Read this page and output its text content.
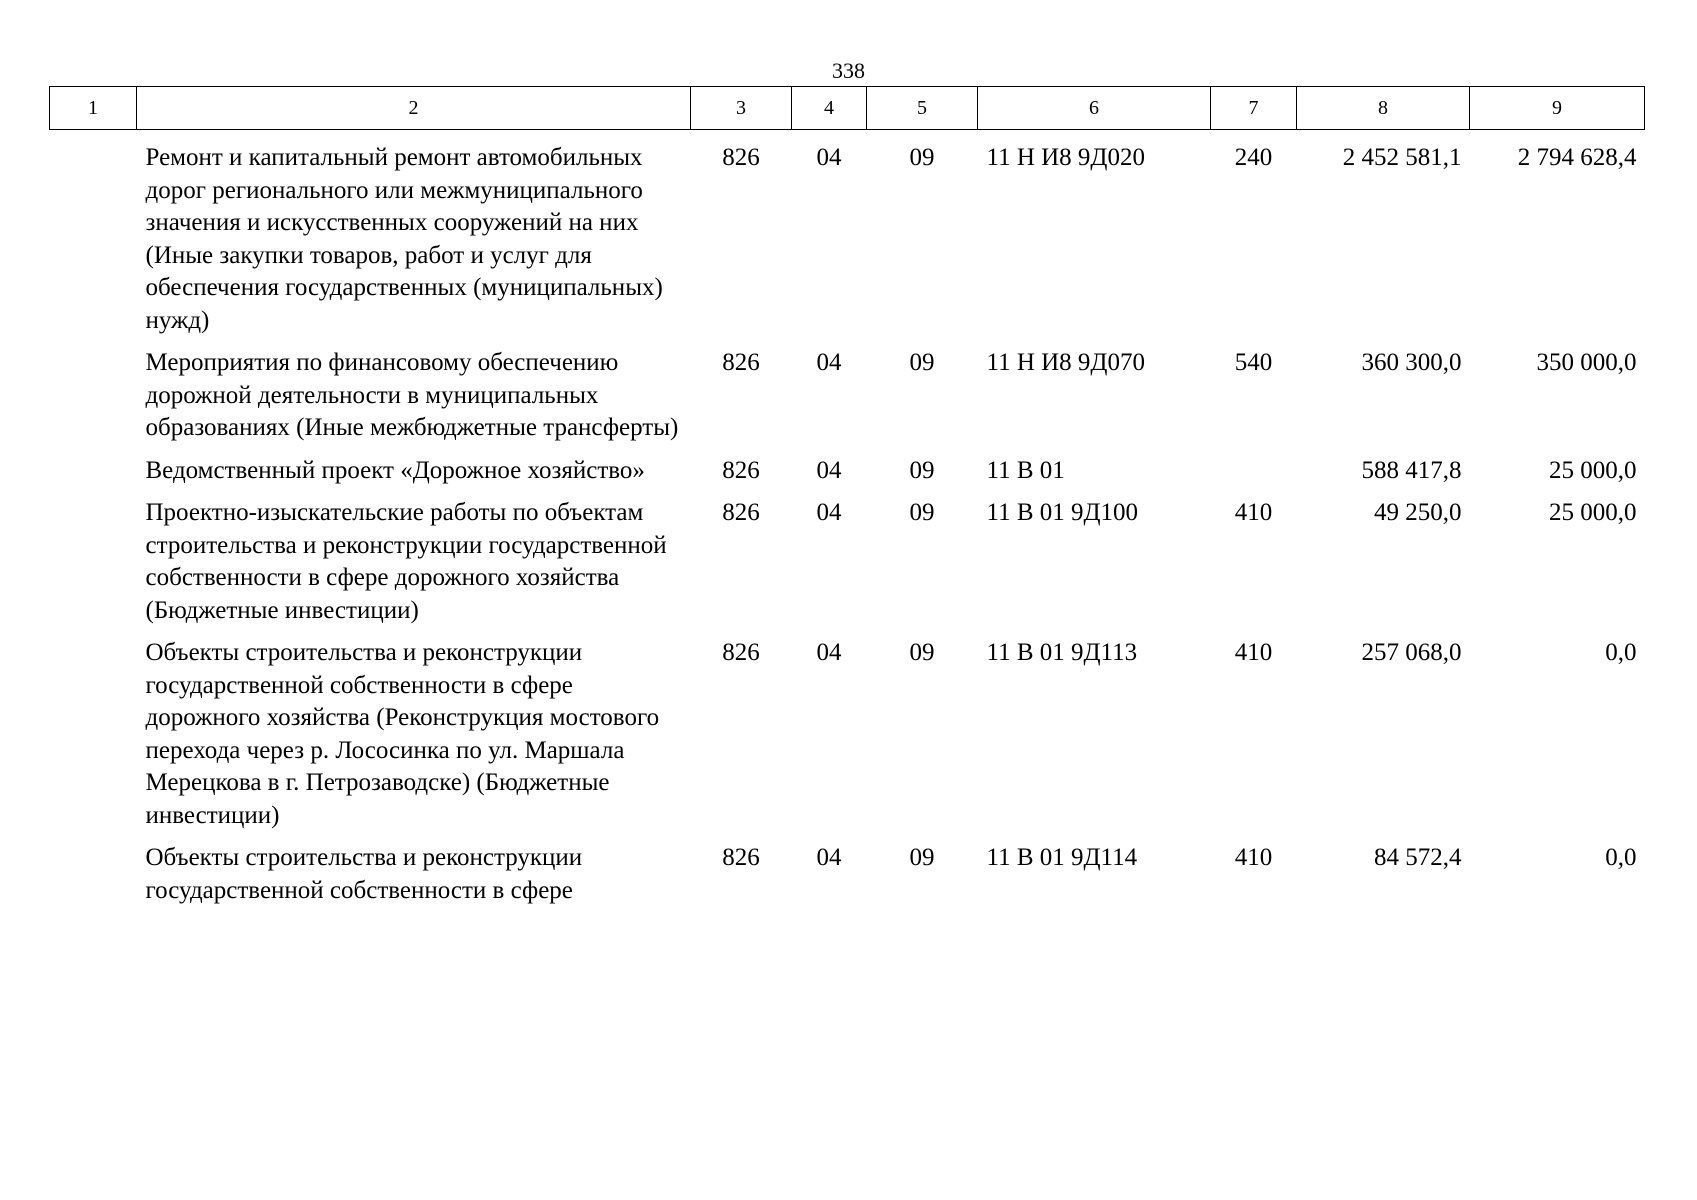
338
1	2	3	4	5	6	7	8	9
	Ремонт и капитальный ремонт автомобильных дорог регионального или межмуниципального значения и искусственных сооружений на них (Иные закупки товаров, работ и услуг для обеспечения государственных (муниципальных) нужд)	826	04	09	11 Н И8 9Д020	240	2 452 581,1	2 794 628,4
	Мероприятия по финансовому обеспечению дорожной деятельности в муниципальных образованиях (Иные межбюджетные трансферты)	826	04	09	11 Н И8 9Д070	540	360 300,0	350 000,0
	Ведомственный проект «Дорожное хозяйство»	826	04	09	11 В 01		588 417,8	25 000,0
	Проектно-изыскательские работы по объектам строительства и реконструкции государственной собственности в сфере дорожного хозяйства (Бюджетные инвестиции)	826	04	09	11 В 01 9Д100	410	49 250,0	25 000,0
	Объекты строительства и реконструкции государственной собственности в сфере дорожного хозяйства (Реконструкция мостового перехода через р. Лососинка по ул. Маршала Мерецкова в г. Петрозаводске) (Бюджетные инвестиции)	826	04	09	11 В 01 9Д113	410	257 068,0	0,0
	Объекты строительства и реконструкции государственной собственности в сфере	826	04	09	11 В 01 9Д114	410	84 572,4	0,0
